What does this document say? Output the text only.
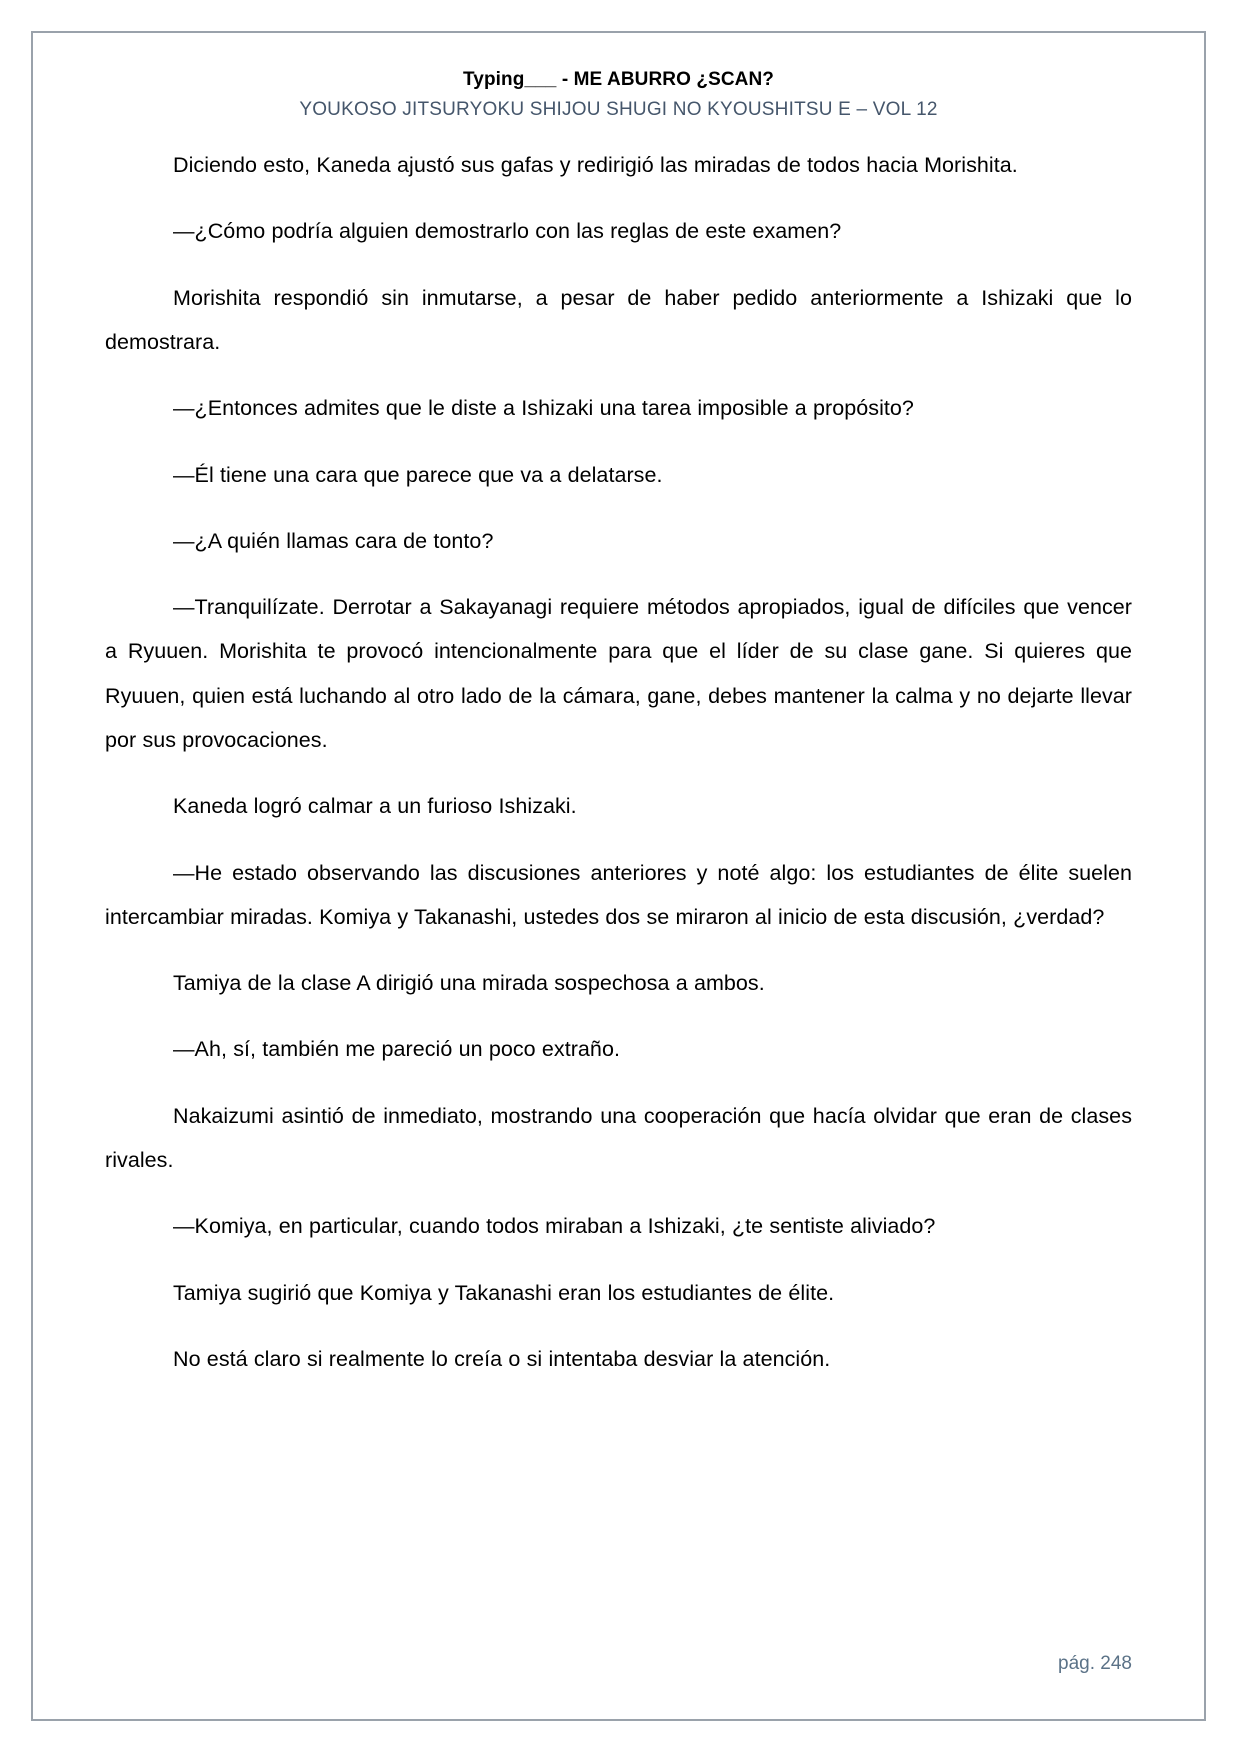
Typing___ - ME ABURRO ¿SCAN?

YOUKOSO JITSURYOKU SHIJOU SHUGI NO KYOUSHITSU E – VOL 12

Diciendo esto, Kaneda ajustó sus gafas y redirigió las miradas de todos hacia Morishita.

—¿Cómo podría alguien demostrarlo con las reglas de este examen?

Morishita respondió sin inmutarse, a pesar de haber pedido anteriormente a Ishizaki que lo demostrara.

—¿Entonces admites que le diste a Ishizaki una tarea imposible a propósito?

—Él tiene una cara que parece que va a delatarse.

—¿A quién llamas cara de tonto?

—Tranquilízate. Derrotar a Sakayanagi requiere métodos apropiados, igual de difíciles que vencer a Ryuuen. Morishita te provocó intencionalmente para que el líder de su clase gane. Si quieres que Ryuuen, quien está luchando al otro lado de la cámara, gane, debes mantener la calma y no dejarte llevar por sus provocaciones.

Kaneda logró calmar a un furioso Ishizaki.

—He estado observando las discusiones anteriores y noté algo: los estudiantes de élite suelen intercambiar miradas. Komiya y Takanashi, ustedes dos se miraron al inicio de esta discusión, ¿verdad?

Tamiya de la clase A dirigió una mirada sospechosa a ambos.

—Ah, sí, también me pareció un poco extraño.

Nakaizumi asintió de inmediato, mostrando una cooperación que hacía olvidar que eran de clases rivales.

—Komiya, en particular, cuando todos miraban a Ishizaki, ¿te sentiste aliviado?

Tamiya sugirió que Komiya y Takanashi eran los estudiantes de élite.

No está claro si realmente lo creía o si intentaba desviar la atención.

pág. 248
